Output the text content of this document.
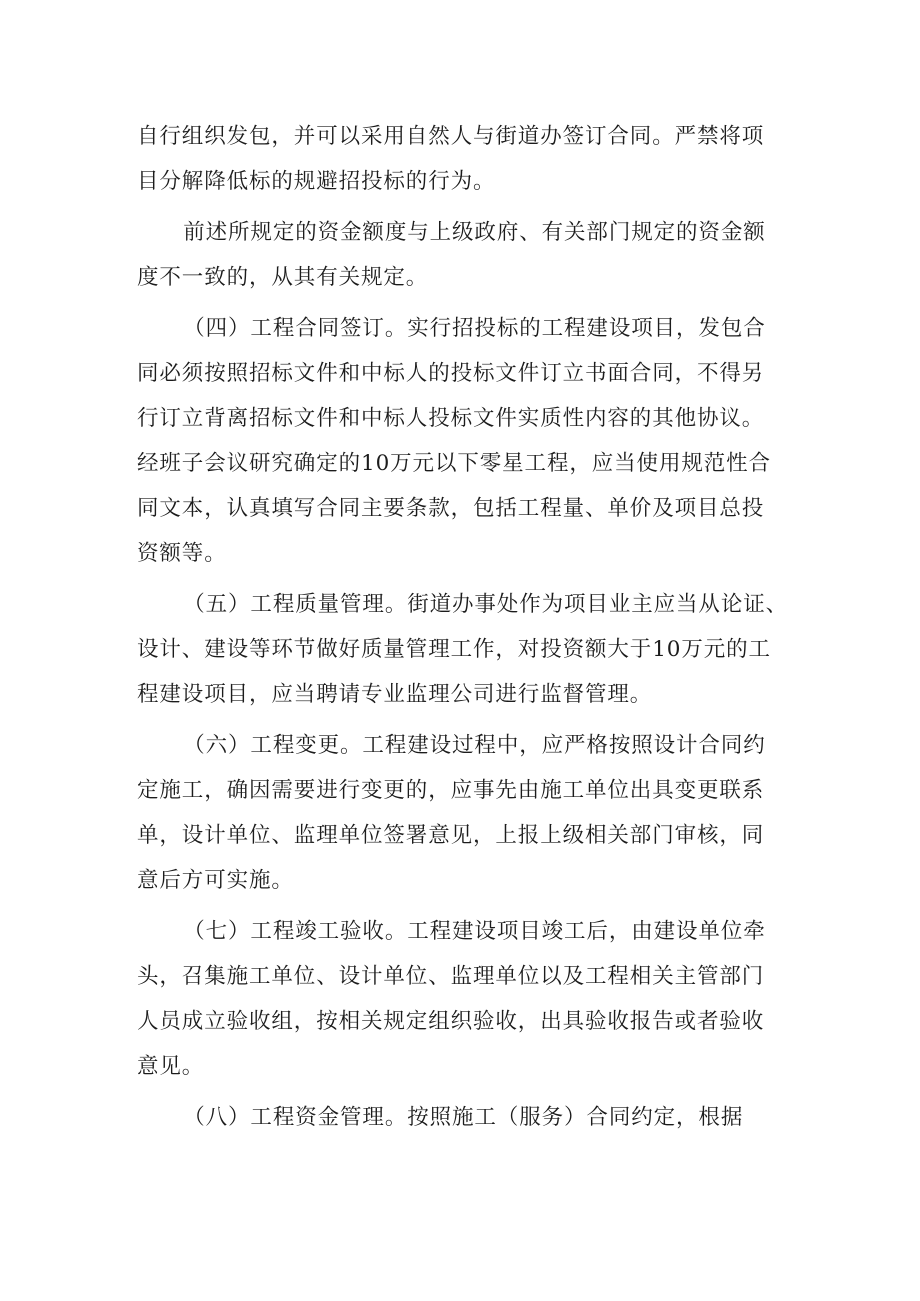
自行组织发包，并可以采用自然人与街道办签订合同。严禁将项
目分解降低标的规避招投标的行为。

前述所规定的资金额度与上级政府、有关部门规定的资金额
度不一致的，从其有关规定。

（四）工程合同签订。实行招投标的工程建设项目，发包合
同必须按照招标文件和中标人的投标文件订立书面合同，不得另
行订立背离招标文件和中标人投标文件实质性内容的其他协议。
经班子会议研究确定的10万元以下零星工程，应当使用规范性合
同文本，认真填写合同主要条款，包括工程量、单价及项目总投
资额等。

（五）工程质量管理。街道办事处作为项目业主应当从论证、
设计、建设等环节做好质量管理工作，对投资额大于10万元的工
程建设项目，应当聘请专业监理公司进行监督管理。

（六）工程变更。工程建设过程中，应严格按照设计合同约
定施工，确因需要进行变更的，应事先由施工单位出具变更联系
单，设计单位、监理单位签署意见，上报上级相关部门审核，同
意后方可实施。

（七）工程竣工验收。工程建设项目竣工后，由建设单位牵
头，召集施工单位、设计单位、监理单位以及工程相关主管部门
人员成立验收组，按相关规定组织验收，出具验收报告或者验收
意见。

（八）工程资金管理。按照施工（服务）合同约定，根据
